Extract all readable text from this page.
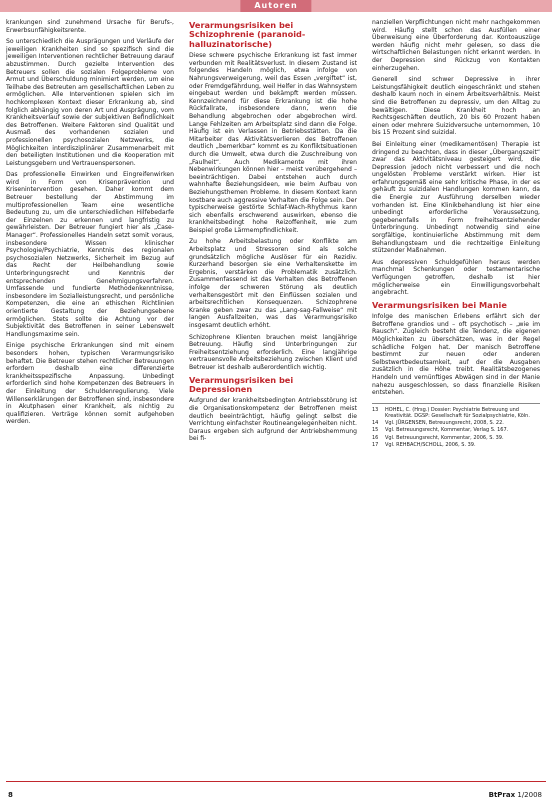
Autoren

krankungen sind zunehmend Ursache für Berufs-, Erwerbsunfähigkeitsrente.

So unterschiedlich die Ausprägungen und Verläufe der jeweiligen Krankheiten sind so spezifisch sind die jeweiligen Interventionen rechtlicher Betreuung darauf abzustimmen. Durch gezielte Intervention des Betreuers sollen die sozialen Folgeprobleme von Armut und Überschuldung minimiert werden, um eine Teilhabe des Betreuten am gesellschaftlichen Leben zu ermöglichen. Alle Interventionen spielen sich im hochkomplexen Kontext dieser Erkrankung ab, sind folglich abhängig von deren Art und Ausprägung, vom Krankheitsverlauf sowie der subjektiven Befindlichkeit des Betroffenen. Weitere Faktoren sind Qualität und Ausmaß des vorhandenen sozialen und professionellen psychosozialen Netzwerks, die Möglichkeiten interdisziplinärer Zusammenarbeit mit den beteiligten Institutionen und die Kooperation mit Leistungsgebern und Vertrauenspersonen.

Das professionelle Einwirken und Eingreifenwirken wird in Form von Krisenprävention und Krisenintervention gesehen. Daher kommt dem Betreuer bestellung der Abstimmung im multiprofessionellen Team eine wesentliche Bedeutung zu, um die unterschiedlichen Hilfebedarfe der Einzelnen zu erkennen und langfristig zu gewährleisten. Der Betreuer fungiert hier als „Case-Manager“. Professionelles Handeln setzt somit voraus, insbesondere Wissen klinischer Psychologie/Psychiatrie, Kenntnis des regionalen psychosozialen Netzwerks, Sicherheit im Bezug auf das Recht der Heilbehandlung sowie Unterbringungsrecht und Kenntnis der entsprechenden Genehmigungsverfahren. Umfassende und fundierte Methodenkenntnisse, insbesondere im Sozialleistungsrecht, und persönliche Kompetenzen, die eine an ethischen Richtlinien orientierte Gestaltung der Beziehungsebene ermöglichen. Stets sollte die Achtung vor der Subjektivität des Betroffenen in seiner Lebenswelt Handlungsmaxime sein.

Einige psychische Erkrankungen sind mit einem besonders hohen, typischen Verarmungsrisiko behaftet. Die Betreuer stehen rechtlicher Betreuungen erfordern deshalb eine differenzierte krankheitsspezifische Anpassung. Unbedingt erforderlich sind hohe Kompetenzen des Betreuers in der Einleitung der Schuldenregulierung. Viele Willenserklärungen der Betroffenen sind, insbesondere in Akutphasen einer Krankheit, als nichtig zu qualifizieren. Verträge können somit aufgehoben werden.

Verarmungsrisiken bei Schizophrenie (paranoid-halluzinatorische)

Diese schwere psychische Erkrankung ist fast immer verbunden mit Realitätsverlust. In diesem Zustand ist folgendes Handeln möglich, etwa infolge von Nahrungsverweigerung, weil das Essen „vergiftet“ ist, oder Fremdgefährdung, weil Helfer in das Wahnsystem eingebaut werden und bekämpft werden müssen. Kennzeichnend für diese Erkrankung ist die hohe Rückfallrate, insbesondere dann, wenn die Behandlung abgebrochen oder abgebrochen wird. Lange Fehlzeiten am Arbeitsplatz sind dann die Folge. Häufig ist ein Verlassen in Betriebsstätten. Da die Mitarbeiter das Aktivitätsverlieren des Betroffenen deutlich „bemerkbar“ kommt es zu Konfliktsituationen durch die Umwelt, etwa durch die Zuschreibung von „Faulheit“. Auch Medikamente mit ihren Nebenwirkungen können hier – meist verübergehend – beeinträchtigen. Dabei entstehen auch durch wahnhafte Beziehungsideen, wie beim Aufbau von Beziehungsthemen Probleme. In diesem Kontext kann kostbare auch aggressive Verhalten die Folge sein. Der typischerweise gestörte Schlaf-Wach-Rhythmus kann sich ebenfalls erschwerend auswirken, ebenso die krankheitsbedingt hohe Reizoffenheit, wie zum Beispiel große Lärmempfindlichkeit.

Zu hohe Arbeitsbelastung oder Konflikte am Arbeitsplatz und Stressoren sind als solche grundsätzlich mögliche Auslöser für ein Rezidiv. Kurzerhand besorgen sie eine Verhaltenskette im Ergebnis, verstärken die Problematik zusätzlich. Zusammenfassend ist das Verhalten des Betroffenen infolge der schweren Störung als deutlich verhaltensgestört mit den Einflüssen sozialen und arbeitsrechtlichen Konsequenzen. Schizophrene Kranke geben zwar zu das „Lang-sag-Fallweise“ mit langen Ausfallzeiten, was das Verarmungsrisiko insgesamt deutlich erhöht.

Schizophrene Klienten brauchen meist langjährige Betreuung. Häufig sind Unterbringungen zur Freiheitsentziehung erforderlich. Eine langjährige vertrauensvolle Arbeitsbeziehung zwischen Klient und Betreuer ist deshalb außerordentlich wichtig.

Verarmungsrisiken bei Depressionen

Aufgrund der krankheitsbedingten Antriebsstörung ist die Organisationskompetenz der Betroffenen meist deutlich beeinträchtigt, häufig gelingt selbst die Verrichtung einfachster Routineangelegenheiten nicht. Daraus ergeben sich aufgrund der Antriebshemmung bei fi-

nanziellen Verpflichtungen nicht mehr nachgekommen wird. Häufig stellt schon das Ausfüllen einer Überweisung eine Überforderung dar. Kontoauszüge werden häufig nicht mehr gelesen, so dass die wirtschaftlichen Belastungen nicht erkannt werden. In der Depression sind Rückzug von Kontakten einherzugehen.

Generell sind schwer Depressive in ihrer Leistungsfähigkeit deutlich eingeschränkt und stehen deshalb kaum noch in einem Arbeitsverhältnis. Meist sind die Betroffenen zu depressiv, um den Alltag zu bewältigen. Diese Krankheit hoch an Rechtsgeschäften deutlich, 20 bis 60 Prozent haben einen oder mehrere Suizidversuche unternommen, 10 bis 15 Prozent sind suizidal.

Bei Einleitung einer (medikamentösen) Therapie ist dringend zu beachten, dass in dieser „Übergangszeit“ zwar das Aktivitätsniveau gesteigert wird, die Depression jedoch nicht verbessert und die noch ungelösten Probleme verstärkt wirken. Hier ist erfahrungsgemäß eine sehr kritische Phase, in der es gehäuft zu suizidalen Handlungen kommen kann, da die Energie zur Ausführung derselben wieder vorhanden ist. Eine Klinikbehandlung ist hier eine unbedingt erforderliche Voraussetzung, gegebenenfalls in Form freiheitsentziehender Unterbringung. Unbedingt notwendig sind eine sorgfältige, kontinuierliche Abstimmung mit dem Behandlungsteam und die rechtzeitige Einleitung stützender Maßnahmen.

Aus depressiven Schuldgefühlen heraus werden manchmal Schenkungen oder testamentarische Verfügungen getroffen, deshalb ist hier möglicherweise ein Einwilligungsvorbehalt angebracht.

Verarmungsrisiken bei Manie

Infolge des manischen Erlebens erfährt sich der Betroffene grandios und – oft psychotisch – „wie im Rausch“. Zugleich besteht die Tendenz, die eigenen Möglichkeiten zu überschätzen, was in der Regel schädliche Folgen hat. Der manisch Betroffene bestimmt zur neuen oder anderen Selbstwertbedeutsamkeit, auf der die Ausgaben zusätzlich in die Höhe treibt. Realitätsbezogenes Handeln und vernünftiges Abwägen sind in der Manie nahezu ausgeschlossen, so dass finanzielle Risiken entstehen.

13	HOHEL, C. (Hrsg.) Dossier: Psychiatrie Betreuung und Kreativität. DGSP: Gesellschaft für Sozialpsychiatrie, Köln.
14	Vgl. JÜRGENSEN, Betreuungsrecht, 2008, S. 22.
15	Vgl. Betreuungsrecht, Kommentar, Verlag S. 167.
16	Vgl. Betreuungsrecht, Kommentar, 2006, S. 39.
17	Vgl. REHBACH/SCHOLL, 2006, S. 39.
8	BtPrax 1/2008
